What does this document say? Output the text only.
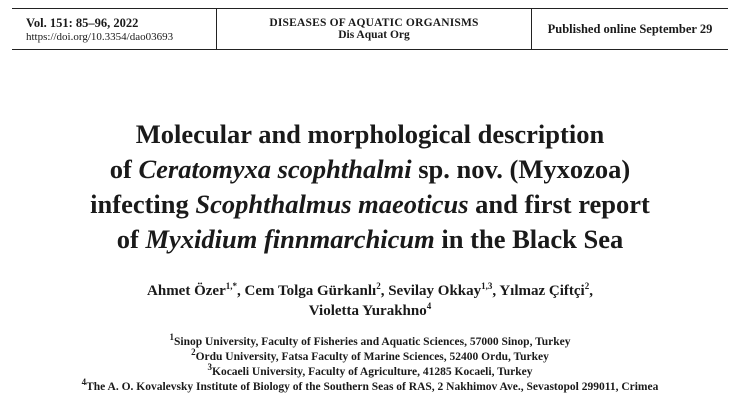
Vol. 151: 85–96, 2022
https://doi.org/10.3354/dao03693
DISEASES OF AQUATIC ORGANISMS
Dis Aquat Org	Published online September 29
Molecular and morphological description
of Ceratomyxa scophthalmi sp. nov. (Myxozoa)
infecting Scophthalmus maeoticus and first report
of Myxidium finnmarchicum in the Black Sea
Ahmet Özer$^{1,*}$, Cem Tolga Gürkanlı$^2$, Sevilay Okkay$^{1,3}$, Yılmaz Çiftçi$^2$,
Violetta Yurakhno$^4$
$^1$Sinop University, Faculty of Fisheries and Aquatic Sciences, 57000 Sinop, Turkey
$^2$Ordu University, Fatsa Faculty of Marine Sciences, 52400 Ordu, Turkey
$^3$Kocaeli University, Faculty of Agriculture, 41285 Kocaeli, Turkey
$^4$The A. O. Kovalevsky Institute of Biology of the Southern Seas of RAS, 2 Nakhimov Ave., Sevastopol 299011, Crimea
